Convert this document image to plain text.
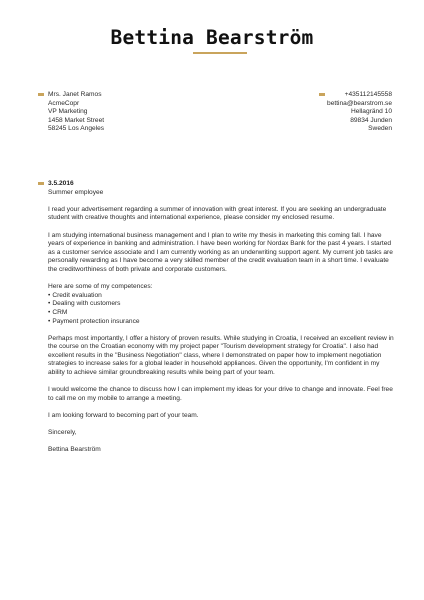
Bettina Bearström
Mrs. Janet Ramos
AcmeCopr
VP Marketing
1458 Market Street
58245 Los Angeles
+435112145558
bettina@bearstrom.se
Hellagränd 10
89834 Junden
Sweden
3.5.2016
Summer employee
I read your advertisement regarding a summer of innovation with great interest. If you are seeking an undergraduate student with creative thoughts and international experience, please consider my enclosed resume.
I am studying international business management and I plan to write my thesis in marketing this coming fall. I have years of experience in banking and administration. I have been working for Nordax Bank for the past 4 years. I started as a customer service associate and I am currently working as an underwriting support agent. My current job tasks are personally rewarding as I have become a very skilled member of the credit evaluation team in a short time. I evaluate the creditworthiness of both private and corporate customers.
Here are some of my competences:
• Credit evaluation
• Dealing with customers
• CRM
• Payment protection insurance
Perhaps most importantly, I offer a history of proven results. While studying in Croatia, I received an excellent review in the course on the Croatian economy with my project paper "Tourism development strategy for Croatia". I also had excellent results in the "Business Negotiation" class, where I demonstrated on paper how to implement negotiation strategies to increase sales for a global leader in household appliances. Given the opportunity, I'm confident in my ability to achieve similar groundbreaking results while being part of your team.
I would welcome the chance to discuss how I can implement my ideas for your drive to change and innovate. Feel free to call me on my mobile to arrange a meeting.
I am looking forward to becoming part of your team.
Sincerely,
Bettina Bearström
